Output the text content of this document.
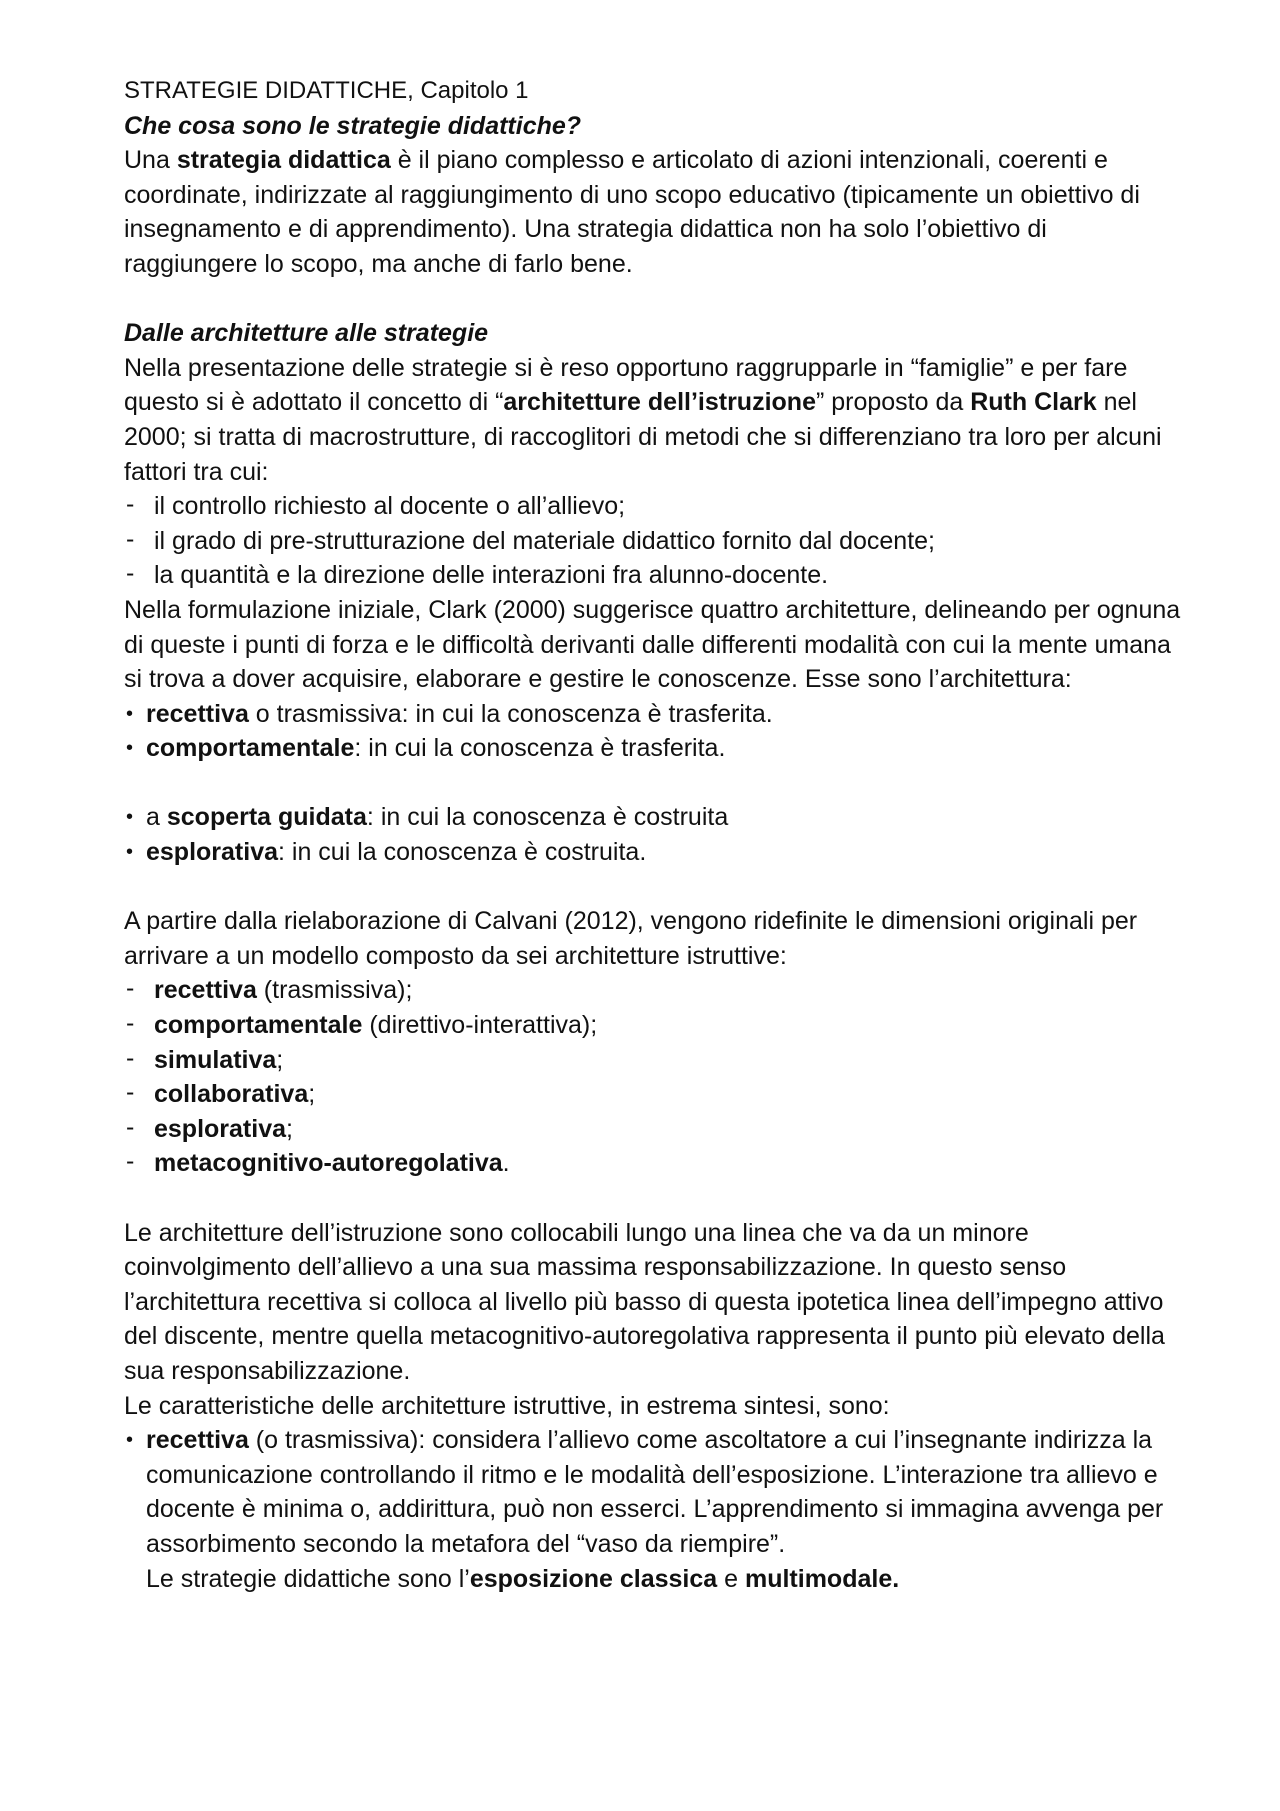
STRATEGIE DIDATTICHE, Capitolo 1

Che cosa sono le strategie didattiche?

Una strategia didattica è il piano complesso e articolato di azioni intenzionali, coerenti e coordinate, indirizzate al raggiungimento di uno scopo educativo (tipicamente un obiettivo di insegnamento e di apprendimento). Una strategia didattica non ha solo l’obiettivo di raggiungere lo scopo, ma anche di farlo bene.

Dalle architetture alle strategie

Nella presentazione delle strategie si è reso opportuno raggrupparle in “famiglie” e per fare questo si è adottato il concetto di “architetture dell’istruzione” proposto da Ruth Clark nel 2000; si tratta di macrostrutture, di raccoglitori di metodi che si differenziano tra loro per alcuni fattori tra cui:

- il controllo richiesto al docente o all’allievo;
- il grado di pre-strutturazione del materiale didattico fornito dal docente;
- la quantità e la direzione delle interazioni fra alunno-docente.

Nella formulazione iniziale, Clark (2000) suggerisce quattro architetture, delineando per ognuna di queste i punti di forza e le difficoltà derivanti dalle differenti modalità con cui la mente umana si trova a dover acquisire, elaborare e gestire le conoscenze. Esse sono l’architettura:

• recettiva o trasmissiva: in cui la conoscenza è trasferita.
• comportamentale: in cui la conoscenza è trasferita.
• a scoperta guidata: in cui la conoscenza è costruita
• esplorativa: in cui la conoscenza è costruita.

A partire dalla rielaborazione di Calvani (2012), vengono ridefinite le dimensioni originali per arrivare a un modello composto da sei architetture istruttive:

- recettiva (trasmissiva);
- comportamentale (direttivo-interattiva);
- simulativa;
- collaborativa;
- esplorativa;
- metacognitivo-autoregolativa.

Le architetture dell’istruzione sono collocabili lungo una linea che va da un minore coinvolgimento dell’allievo a una sua massima responsabilizzazione. In questo senso l’architettura recettiva si colloca al livello più basso di questa ipotetica linea dell’impegno attivo del discente, mentre quella metacognitivo-autoregolativa rappresenta il punto più elevato della sua responsabilizzazione.

Le caratteristiche delle architetture istruttive, in estrema sintesi, sono:

• recettiva (o trasmissiva): considera l’allievo come ascoltatore a cui l’insegnante indirizza la comunicazione controllando il ritmo e le modalità dell’esposizione. L’interazione tra allievo e docente è minima o, addirittura, può non esserci. L’apprendimento si immagina avvenga per assorbimento secondo la metafora del “vaso da riempire”.

Le strategie didattiche sono l’esposizione classica e multimodale.
